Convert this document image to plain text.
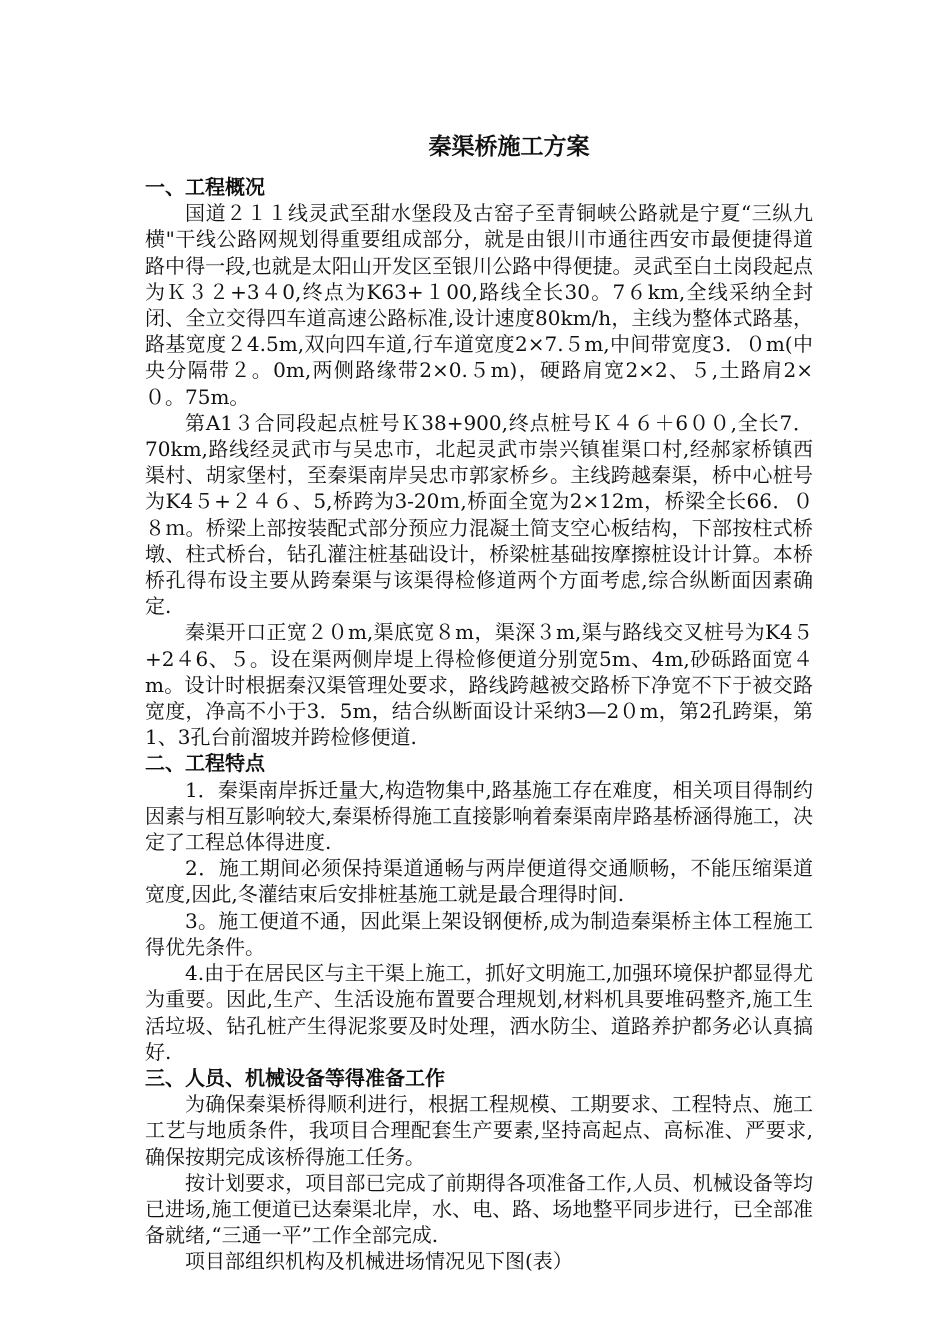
秦渠桥施工方案
一、工程概况
国道２１１线灵武至甜水堡段及古窑子至青铜峡公路就是宁夏“三纵九横"干线公路网规划得重要组成部分，就是由银川市通往西安市最便捷得道路中得一段,也就是太阳山开发区至银川公路中得便捷。灵武至白土岗段起点为Ｋ３２+3４0,终点为K63+１00,路线全长30。7６km,全线采纳全封闭、全立交得四车道高速公路标准,设计速度80km/h，主线为整体式路基，路基宽度２4.5m,双向四车道,行车道宽度2×7.５m,中间带宽度3．０m(中央分隔带２。0m,两侧路缘带2×0.５m)，硬路肩宽2×2、５,土路肩2×０。75m。
第A1３合同段起点桩号Ｋ38+900,终点桩号Ｋ４６＋6００,全长7．70km,路线经灵武市与吴忠市，北起灵武市崇兴镇崔渠口村,经郝家桥镇西渠村、胡家堡村，至秦渠南岸吴忠市郭家桥乡。主线跨越秦渠，桥中心桩号为K4５+２４６、5,桥跨为3-20ｍ,桥面全宽为2×12m，桥梁全长66．０８ｍ。桥梁上部按装配式部分预应力混凝土简支空心板结构，下部按柱式桥墩、柱式桥台，钻孔灌注桩基础设计，桥梁桩基础按摩擦桩设计计算。本桥桥孔得布设主要从跨秦渠与该渠得检修道两个方面考虑,综合纵断面因素确定.
秦渠开口正宽２０m,渠底宽８m，渠深３m,渠与路线交叉桩号为K4５+2４6、５。设在渠两侧岸堤上得检修便道分别宽5m、4m,砂砾路面宽４m。设计时根据秦汉渠管理处要求，路线跨越被交路桥下净宽不下于被交路宽度，净高不小于3．5m，结合纵断面设计采纳3—2０m，第2孔跨渠，第1、3孔台前溜坡并跨检修便道.
二、工程特点
1．秦渠南岸拆迁量大,构造物集中,路基施工存在难度，相关项目得制约因素与相互影响较大,秦渠桥得施工直接影响着秦渠南岸路基桥涵得施工，决定了工程总体得进度.
2．施工期间必须保持渠道通畅与两岸便道得交通顺畅，不能压缩渠道宽度,因此,冬灌结束后安排桩基施工就是最合理得时间.
3。施工便道不通，因此渠上架设钢便桥,成为制造秦渠桥主体工程施工得优先条件。
4.由于在居民区与主干渠上施工，抓好文明施工,加强环境保护都显得尤为重要。因此,生产、生活设施布置要合理规划,材料机具要堆码整齐,施工生活垃圾、钻孔桩产生得泥浆要及时处理，洒水防尘、道路养护都务必认真搞好.
三、人员、机械设备等得准备工作
为确保秦渠桥得顺利进行，根据工程规模、工期要求、工程特点、施工工艺与地质条件，我项目合理配套生产要素,坚持高起点、高标准、严要求,确保按期完成该桥得施工任务。
按计划要求，项目部已完成了前期得各项准备工作,人员、机械设备等均已进场,施工便道已达秦渠北岸，水、电、路、场地整平同步进行，已全部准备就绪,“三通一平”工作全部完成.
项目部组织机构及机械进场情况见下图(表）
